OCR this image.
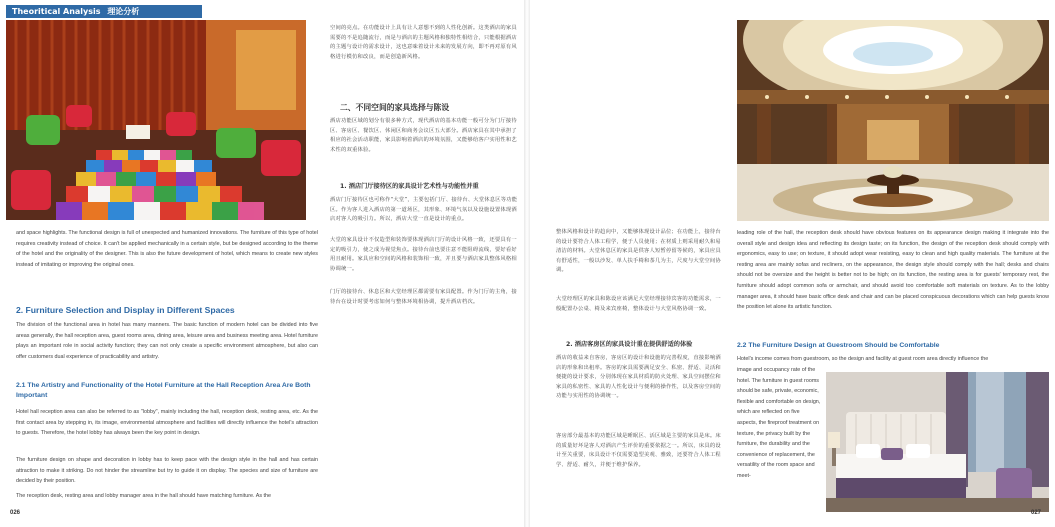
Theoritical Analysis 理论分析
空间的亮点。在功能设计上具有让人意想不到的人性化创新。这类酒店的家具需要的不是追随流行，而是与酒店的主题风格和独特性相结合，只能根据酒店的主题与设计的需求设计，这也意味着设计未来的发展方向，即不再对原有风格进行模仿和改良，而是创造新风格。
二、不同空间的家具选择与陈设
酒店功能区域的划分有很多种方式，现代酒店的基本功能一般可分为门厅接待区、客房区、餐饮区、休闲区和商务会议区五大部分。酒店家具在其中承担了相应的社会活动职能，家具影响着酒店的环境氛围，又能够给客户实用性和艺术性的双重体验。
1. 酒店门厅接待区的家具设计艺术性与功能性并重
酒店门厅接待区也可称作“大堂”，主要包括门厅、接待台、大堂休息区等功能区。作为客人进入酒店的第一道场区，其形象、环境气氛以及设施设置体现酒店对客人的吸引力。所以，酒店大堂一直是设计的重点。
大堂的家具设计不仅造型和装饰要体现酒店门厅的设计风格一致，还要具有一定的吸引力，使之成为视觉焦点。接待台前也要注意不能阻碍流线，要好看好用且耐用。家具应和空间的风格和装饰相一致，并且要与酒店家具整体风格相协调统一。
门厅的接待台、休息区和大堂经理区都需要有家具配置。作为门厅的主角，接待台在设计时要考虑如何与整体环境相协调，提升酒店档次。
and space highlights. The functional design is full of unexpected and humanized innovations. The furniture of this type of hotel requires creativity instead of choice. It can't be applied mechanically in a certain style, but be designed according to the theme of the hotel and the originality of the designer. This is also the future development of hotel, which means to create new styles instead of imitating or improving the original ones.
2. Furniture Selection and Display in Different Spaces
The division of the functional area in hotel has many manners. The basic function of modern hotel can be divided into five areas generally, the hall reception area, guest rooms area, dining area, leisure area and business meeting area. Hotel furniture plays an important role in social activity function; they can not only create a specific environment atmosphere, but also can offer customers dual experience of practicability and artistry.
2.1 The Artistry and Functionality of the Hotel Furniture at the Hall Reception Area Are Both Important
Hotel hall reception area can also be referred to as "lobby", mainly including the hall, reception desk, resting area, etc. As the first contact area by stepping in, its image, environmental atmosphere and facilities will directly influence the hotel's attraction to guests. Therefore, the hotel lobby has always been the key point in design.
The furniture design on shape and decoration in lobby has to keep pace with the design style in the hall and has certain attraction to make it striking. Do not hinder the streamline but try to guide it on display. The species and size of furniture are decided by their position.
The reception desk, resting area and lobby manager area in the hall should have matching furniture. As the
整体风格和设计的趋向中，又能够体现设计品位；在功能上，接待台的设计要符合人体工程学，便于人员使用；在材质上则采用耐久和易清洁的材料。大堂休息区的家具是供客人短暂停留等候的，家具应具有舒适性，一般以沙发、单人扶手椅和茶几为主，尺度与大堂空间协调。
大堂经理区的家具和陈设应该满足大堂经理接待宾客的功能需求，一般配置办公桌、椅及来宾座椅，整体设计与大堂风格协调一致。
2. 酒店客房区的家具设计重在提供舒适的体验
酒店的收益来自客房，客房区的设计和设施的完善程度，直接影响酒店的形象和出租率。客房的家具需要满足安全、私密、舒适、灵活和便捷的设计要求，分别体现在家具材质的防火处理、家具空间摆位和家具的私密性、家具的人性化设计与便利的操作性，以及客房空间的功能与实用性的协调统一。
客房部分最基本的功能区域是睡眠区、活区域是主要的家具是床。床的质量好坏是客人对酒店产生评价的重要依据之一。所以，床具的设计至关重要，床具设计不仅需要造型美观、雅致，还要符合人体工程学、舒适、耐久，并便于维护保养。
leading role of the hall, the reception desk should have obvious features on its appearance design making it integrate into the overall style and design idea and reflecting its design taste; on its function, the design of the reception desk should comply with ergonomics, easy to use; on texture, it should adopt wear resisting, easy to clean and high quality materials. The furniture at the resting area are mainly sofas and recliners, on the appearance, the design style should comply with the hall; desks and chairs should not be oversize and the height is better not to be high; on its function, the resting area is for guests' temporary rest, the furniture should adopt common sofa or armchair, and should avoid too comfortable soft materials on texture. As to the lobby manager area, it should have basic office desk and chair and can be placed conspicuous decorations which can help guests know the position let alone its artistic function.
2.2 The Furniture Design at Guestroom Should be Comfortable
Hotel's income comes from guestroom, so the design and facility at guest room area directly influence the
image and occupancy rate of the hotel. The furniture in guest rooms should be safe, private, economic, flexible and comfortable on design, which are reflected on five aspects, the fireproof treatment on texture, the privacy built by the furniture, the durability and the convenience of replacement, the versatility of the room space and meet-
026	027
